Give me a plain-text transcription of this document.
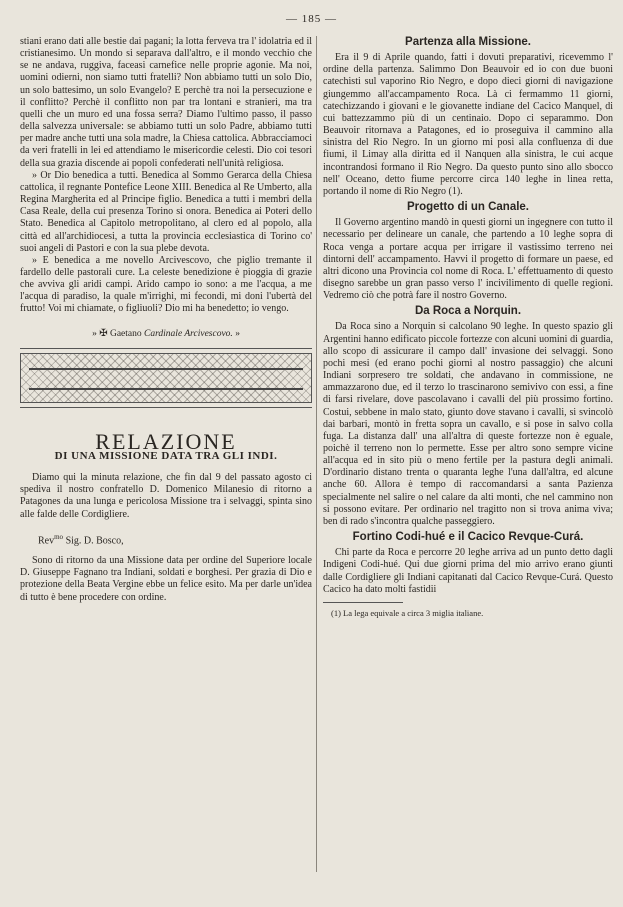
— 185 —

stiani erano dati alle bestie dai pagani; la lotta ferveva tra l' idolatria ed il cristianesimo. Un mondo si separava dall'altro, e il mondo vecchio che se ne andava, ruggiva, faceasi carnefice nelle proprie agonie. Ma noi, uomini odierni, non siamo tutti fratelli? Non abbiamo tutti un solo Dio, un solo battesimo, un solo Evangelo? E perchè tra noi la persecuzione e il conflitto? Perchè il conflitto non par tra lontani e stranieri, ma tra quelli che un muro ed una fossa serra? Diamo l'ultimo passo, il passo della salvezza universale: se abbiamo tutti un solo Padre, abbiamo tutti per madre anche tutti una sola madre, la Chiesa cattolica. Abbracciamoci da veri fratelli in lei ed attendiamo le misericordie celesti. Dio coi tesori della sua grazia discende ai popoli confederati nell'unità religiosa.

» Or Dio benedica a tutti. Benedica al Sommo Gerarca della Chiesa cattolica, il regnante Pontefice Leone XIII. Benedica al Re Umberto, alla Regina Margherita ed al Principe figlio. Benedica a tutti i membri della Casa Reale, della cui presenza Torino si onora. Benedica ai Poteri dello Stato. Benedica al Capitolo metropolitano, al clero ed al popolo, alla città ed all'archidiocesi, a tutta la provincia ecclesiastica di Torino co' suoi angeli di Pastori e con la sua plebe devota.

» E benedica a me novello Arcivescovo, che piglio tremante il fardello delle pastorali cure. La celeste benedizione è pioggia di grazie che avviva gli aridi campi. Arido campo io sono: a me l'acqua, a me l'acqua di paradiso, la quale m'irrighi, mi fecondi, mi doni l'ubertà del frutto! Voi mi chiamate, o figliuoli? Dio mi ha benedetto; io vengo.

» ✠ Gaetano Cardinale Arcivescovo. »
RELAZIONE
DI UNA MISSIONE DATA TRA GLI INDI.

Diamo qui la minuta relazione, che fin dal 9 del passato agosto ci spediva il nostro confratello D. Domenico Milanesio di ritorno a Patagones da una lunga e pericolosa Missione tra i selvaggi, spinta sino alle falde delle Cordigliere.

Rev$^{mo}$ Sig. D. Bosco,

Sono di ritorno da una Missione data per ordine del Superiore locale D. Giuseppe Fagnano tra Indiani, soldati e borghesi. Per grazia di Dio e protezione della Beata Vergine ebbe un felice esito. Ma per darle un'idea di tutto è bene procedere con ordine.

Partenza alla Missione.

Era il 9 di Aprile quando, fatti i dovuti preparativi, ricevemmo l' ordine della partenza. Salimmo Don Beauvoir ed io con due buoni catechisti sul vaporino Rio Negro, e dopo dieci giorni di navigazione giungemmo all'accampamento Roca. Là ci fermammo 11 giorni, catechizzando i giovani e le giovanette indiane del Cacico Manquel, di cui battezzammo più di un centinaio. Dopo ci separammo. Don Beauvoir ritornava a Patagones, ed io proseguiva il cammino alla sinistra del Rio Negro. In un giorno mi posi alla confluenza di due fiumi, il Limay alla diritta ed il Nanquen alla sinistra, le cui acque incontrandosi formano il Rio Negro. Da questo punto sino allo sbocco nell' Oceano, detto fiume percorre circa 140 leghe in linea retta, portando il nome di Rio Negro (1).

Progetto di un Canale.

Il Governo argentino mandò in questi giorni un ingegnere con tutto il necessario per delineare un canale, che partendo a 10 leghe sopra di Roca venga a portare acqua per irrigare il vastissimo terreno nei dintorni dell' accampamento. Havvi il progetto di formare un paese, ed altri dicono una Provincia col nome di Roca. L' effettuamento di questo disegno sarebbe un gran passo verso l' incivilimento di quelle regioni. Vedremo ciò che potrà fare il nostro Governo.

Da Roca a Norquin.

Da Roca sino a Norquin si calcolano 90 leghe. In questo spazio gli Argentini hanno edificato piccole fortezze con alcuni uomini di guardia, allo scopo di assicurare il campo dall' invasione dei selvaggi. Sono pochi mesi (ed erano pochi giorni al nostro passaggio) che alcuni Indiani sorpresero tre soldati, che andavano in commissione, ne ammazzarono due, ed il terzo lo trascinarono semivivo con essi, a fine di farsi rivelare, dove pascolavano i cavalli del più prossimo fortino. Costui, sebbene in malo stato, giunto dove stavano i cavalli, si svincolò dai barbari, montò in fretta sopra un cavallo, e si pose in salvo colla fuga. La distanza dall' una all'altra di queste fortezze non è eguale, poichè il terreno non lo permette. Esse per altro sono sempre vicine all'acqua ed in sito più o meno fertile per la pastura degli animali. D'ordinario distano trenta o quaranta leghe l'una dall'altra, ed alcune anche 60. Allora è tempo di raccomandarsi a santa Pazienza specialmente nel salire o nel calare da alti monti, che nel cammino non si possono evitare. Per ordinario nel tragitto non si trova anima viva; ben di rado s'incontra qualche passeggiero.

Fortino Codi-hué e il Cacico Revque-Curá.

Chi parte da Roca e percorre 20 leghe arriva ad un punto detto dagli Indigeni Codi-hué. Qui due giorni prima del mio arrivo erano giunti dalle Cordigliere gli Indiani capitanati dal Cacico Revque-Curá. Questo Cacico ha dato molti fastidii

(1) La lega equivale a circa 3 miglia italiane.
